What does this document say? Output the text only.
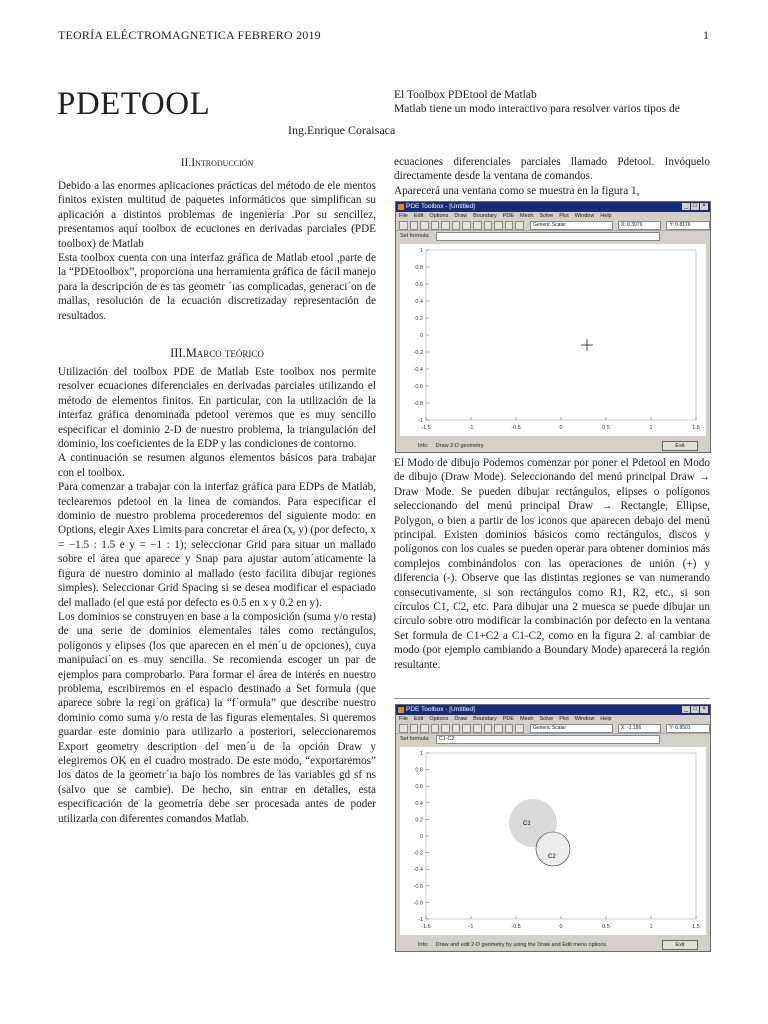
TEORÍA ELÉCTROMAGNETICA FEBRERO 2019	1
PDETOOL	El Toolbox PDEtool de Matlab
Matlab tiene un modo interactivo para resolver varios tipos de
Ing.Enrique Coraisaca
II.Introducción

Debido a las enormes aplicaciones prácticas del método de ele mentos finitos existen multitud de paquetes informáticos que simplifican su aplicación a distintos problemas de ingeniería .Por su sencillez, presentamos aquí toolbox de ecuciones en derivadas parciales (PDE toolbox) de Matlab

Esta toolbox cuenta con una interfaz gráfica de Matlab etool ,parte de la “PDEtoolbox”, proporciona una herramienta gráfica de fácil manejo para la descripción de es tas geometr ´ıas complicadas, generaci´on de mallas, resolución de la ecuación discretizaday representación de resultados.

III.Marco teórico

Utilización del toolbox PDE de Matlab Este toolbox nos permite resolver ecuaciones diferenciales en derivadas parciales utilizando el método de elementos finitos. En particular, con la utilización de la interfaz gráfica denominada pdetool veremos que es muy sencillo especificar el dominio 2-D de nuestro problema, la triangulación del dominio, los coeficientes de la EDP y las condiciones de contorno.

A continuación se resumen algunos elementos básicos para trabajar con el toolbox.

Para comenzar a trabajar con la interfaz gráfica para EDPs de Matlab, teclearemos pdetool en la linea de comandos. Para especificar el dominio de nuestro problema procederemos del siguiente modo: en Options, elegir Axes Limits para concretar el área (x, y) (por defecto, x = −1.5 : 1.5 e y = −1 : 1); seleccionar Grid para situar un mallado sobre el área que aparece y Snap para ajustar autom´aticamente la figura de nuestro dominio al mallado (esto facilita dibujar regiones simples). Seleccionar Grid Spacing si se desea modificar el espaciado del mallado (el que está por defecto es 0.5 en x y 0.2 en y).

Los dominios se construyen en base a la composición (suma y/o resta) de una serie de dominios elementales tales como rectángulos, polígonos y elipses (los que aparecen en el men´u de opciones), cuya manipulaci´on es muy sencilla. Se recomienda escoger un par de ejemplos para comprobarlo. Para formar el área de interés en nuestro problema, escribiremos en el espacio destinado a Set formula (que aparece sobre la regi´on gráfica) la “f´ormula” que describe nuestro dominio como suma y/o resta de las figuras elementales. Si queremos guardar este dominio para utilizarlo a posteriori, seleccionaremos Export geometry description del men´u de la opción Draw y elegiremos OK en el cuadro mostrado. De este modo, “exportaremos” los datos de la geometr´ıa bajo los nombres de las variables gd sf ns (salvo que se cambie). De hecho, sin entrar en detalles, esta especificación de la geometría debe ser procesada antes de poder utilizarla con diferentes comandos Matlab.

ecuaciones diferenciales parciales llamado Pdetool. Invóquelo directamente desde la ventana de comandos.

Aparecerá una ventana como se muestra en la figura 1,

PDE Toolbox - [Untitled]	_ □ ×
File Edit Options Draw Boundary PDE Mesh Solve Plot Window Help
Generic Scalar	X: 0.3079	Y: 0.8176
Set formula:
1
0.8
0.6
0.4
0.2
0
-0.2
-0.4
-0.6
-0.8
-1
-1.5	-1	-0.5	0	0.5	1	1.5
Info:	Draw 2-D geometry.	Exit

El Modo de dibujo Podemos comenzar por poner el Pdetool en Modo de dibujo (Draw Mode). Seleccionando del menú principal Draw → Draw Mode. Se pueden dibujar rectángulos, elipses o polígonos seleccionando del menú principal Draw → Rectangle, Ellipse, Polygon, o bien a partir de los iconos que aparecen debajo del menú principal. Existen dominios básicos como rectángulos, discos y polígonos con los cuales se pueden operar para obtener dominios más complejos combinándolos con las operaciones de unión (+) y diferencia (-). Observe que las distintas regiones se van numerando consecutivamente, si son rectángulos como R1, R2, etc., si son círculos C1, C2, etc. Para dibujar una 2 muesca se puede dibujar un círculo sobre otro modificar la combinación por defecto en la ventana Set formula de C1+C2 a C1-C2, como en la figura 2. al cambiar de modo (por ejemplo cambiando a Boundary Mode) aparecerá la región resultante.

PDE Toolbox - [Untitled]	_ □ ×
File Edit Options Draw Boundary PDE Mesh Solve Plot Window Help
Generic Scalar	X: -1.186	Y: 0.9501
Set formula:	C1-C2
1
0.8
0.6
0.4
0.2
0
-0.2
-0.4
-0.6
-0.8
-1
-1.5	-1	-0.5	0	0.5	1	1.5
C1
C2
Info:	Draw and edit 2-D geometry by using the Draw and Edit menu options.	Exit
